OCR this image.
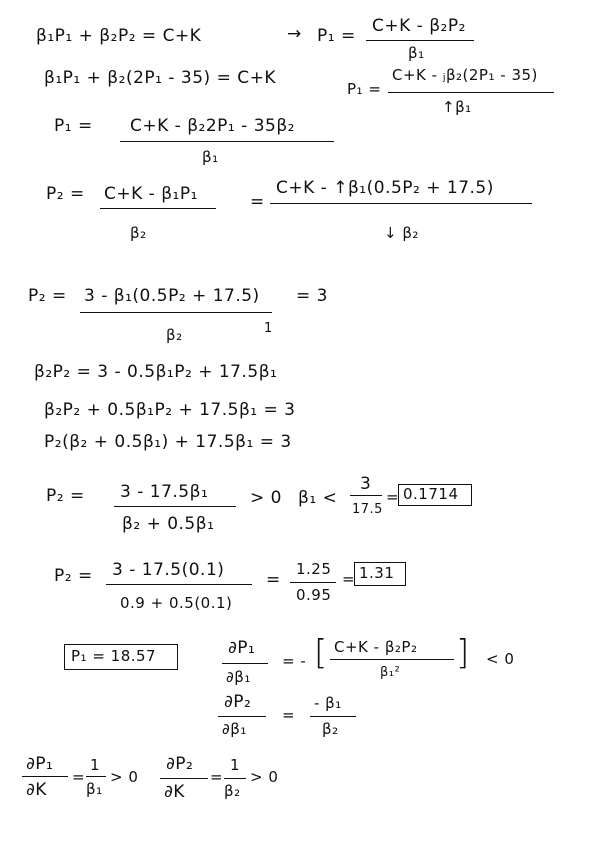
β₁P₁ + β₂P₂ = C+K	→ P₁ = C+K - β₂P₂
β₁
β₁P₁ + β₂(2P₁ - 35) = C+K
P₁ =
C+K - ⱼβ₂(2P₁ - 35)
↑β₁
P₁ = C+K - β₂2P₁ - 35β₂
β₁
P₂ = C+K - β₁P₁
β₂
=
C+K - ↑β₁(0.5P₂ + 17.5)
↓ β₂
P₂ = 3 - β₁(0.5P₂ + 17.5)
β₂
= 3
1
β₂P₂ = 3 - 0.5β₁P₂ + 17.5β₁
β₂P₂ + 0.5β₁P₂ + 17.5β₁ = 3
P₂(β₂ + 0.5β₁) + 17.5β₁ = 3
P₂ = 3 - 17.5β₁
β₂ + 0.5β₁
> 0 β₁ <
3
17.5
= 0.1714
P₂ = 3 - 17.5(0.1)
0.9 + 0.5(0.1)
=
1.25
0.95
= 1.31
P₁ = 18.57	∂P₁
∂β₁
= - [ C+K - β₂P₂
β₁² ] < 0
∂P₂
∂β₁
=
- β₁
β₂
∂P₁
∂K
=
1
β₁
> 0
∂P₂
∂K
=
1
β₂
> 0
